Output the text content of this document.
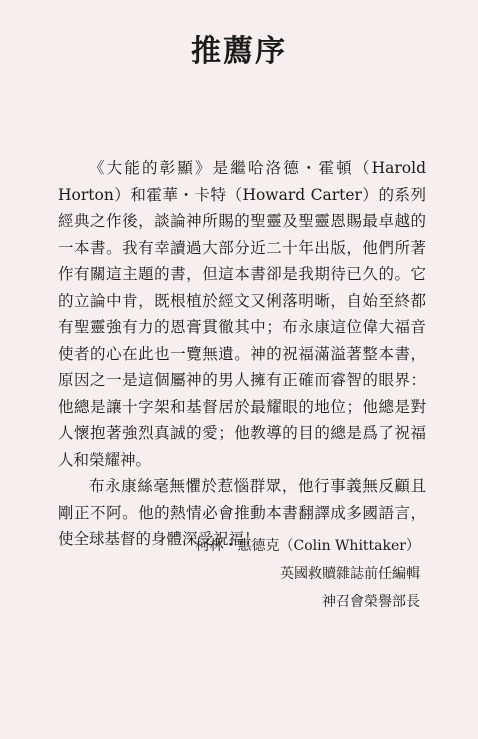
推薦序

《大能的彰顯》是繼哈洛德・霍頓（Harold Horton）和霍華・卡特（Howard Carter）的系列經典之作後，談論神所賜的聖靈及聖靈恩賜最卓越的一本書。我有幸讀過大部分近二十年出版，他們所著作有關這主題的書，但這本書卻是我期待已久的。它的立論中肯，既根植於經文又俐落明晰，自始至終都有聖靈強有力的恩膏貫徹其中；布永康這位偉大福音使者的心在此也一覽無遺。神的祝福滿溢著整本書，原因之一是這個屬神的男人擁有正確而睿智的眼界：他總是讓十字架和基督居於最耀眼的地位；他總是對人懷抱著強烈真誠的愛；他教導的目的總是爲了祝福人和榮耀神。

布永康絲毫無懼於惹惱群眾，他行事義無反顧且剛正不阿。他的熱情必會推動本書翻譯成多國語言，使全球基督的身體深受祝福！

柯林・惠德克（Colin Whittaker）
英國救贖雜誌前任編輯
神召會榮譽部長
